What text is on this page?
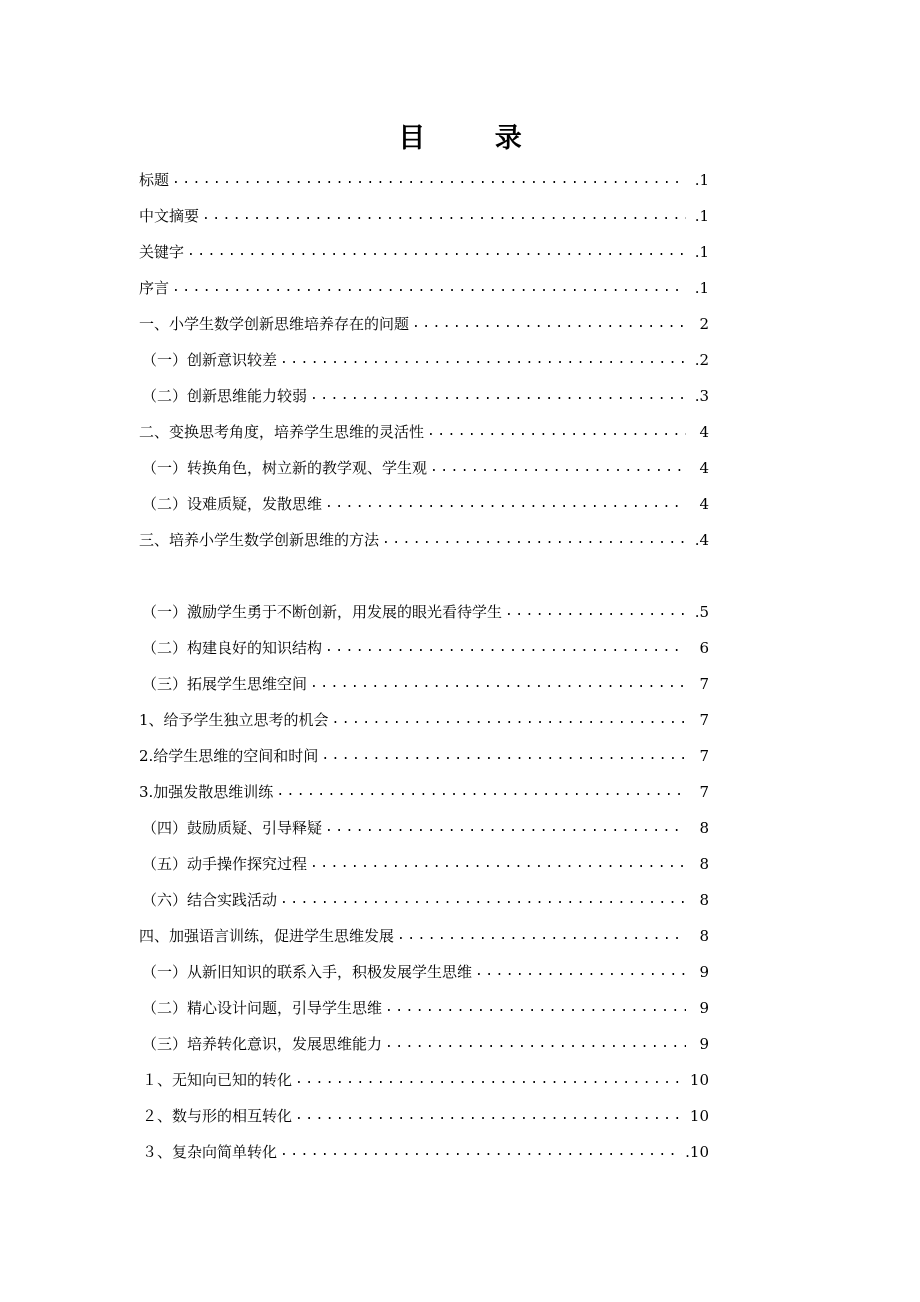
目 录
标题 .....	.1
中文摘要 .....	.1
关键字 .....	.1
序言 .....	.1
一、小学生数学创新思维培养存在的问题 .....	2
（一）创新意识较差 .....	.2
（二）创新思维能力较弱 .....	.3
二、变换思考角度，培养学生思维的灵活性 .....	4
（一）转换角色，树立新的教学观、学生观 .....	4
（二）设难质疑，发散思维 .....	4
三、培养小学生数学创新思维的方法 .....	.4
（一）激励学生勇于不断创新，用发展的眼光看待学生 .....	.5
（二）构建良好的知识结构 .....	6
（三）拓展学生思维空间 .....	7
1、给予学生独立思考的机会 .....	7
2.给学生思维的空间和时间 .....	7
3.加强发散思维训练 .....	7
（四）鼓励质疑、引导释疑 .....	8
（五）动手操作探究过程 .....	8
（六）结合实践活动 .....	8
四、加强语言训练，促进学生思维发展 .....	8
（一）从新旧知识的联系入手，积极发展学生思维 .....	9
（二）精心设计问题，引导学生思维 .....	9
（三）培养转化意识，发展思维能力 .....	9
１、无知向已知的转化 .....	10
２、数与形的相互转化 .....	10
３、复杂向简单转化 .....	.10
